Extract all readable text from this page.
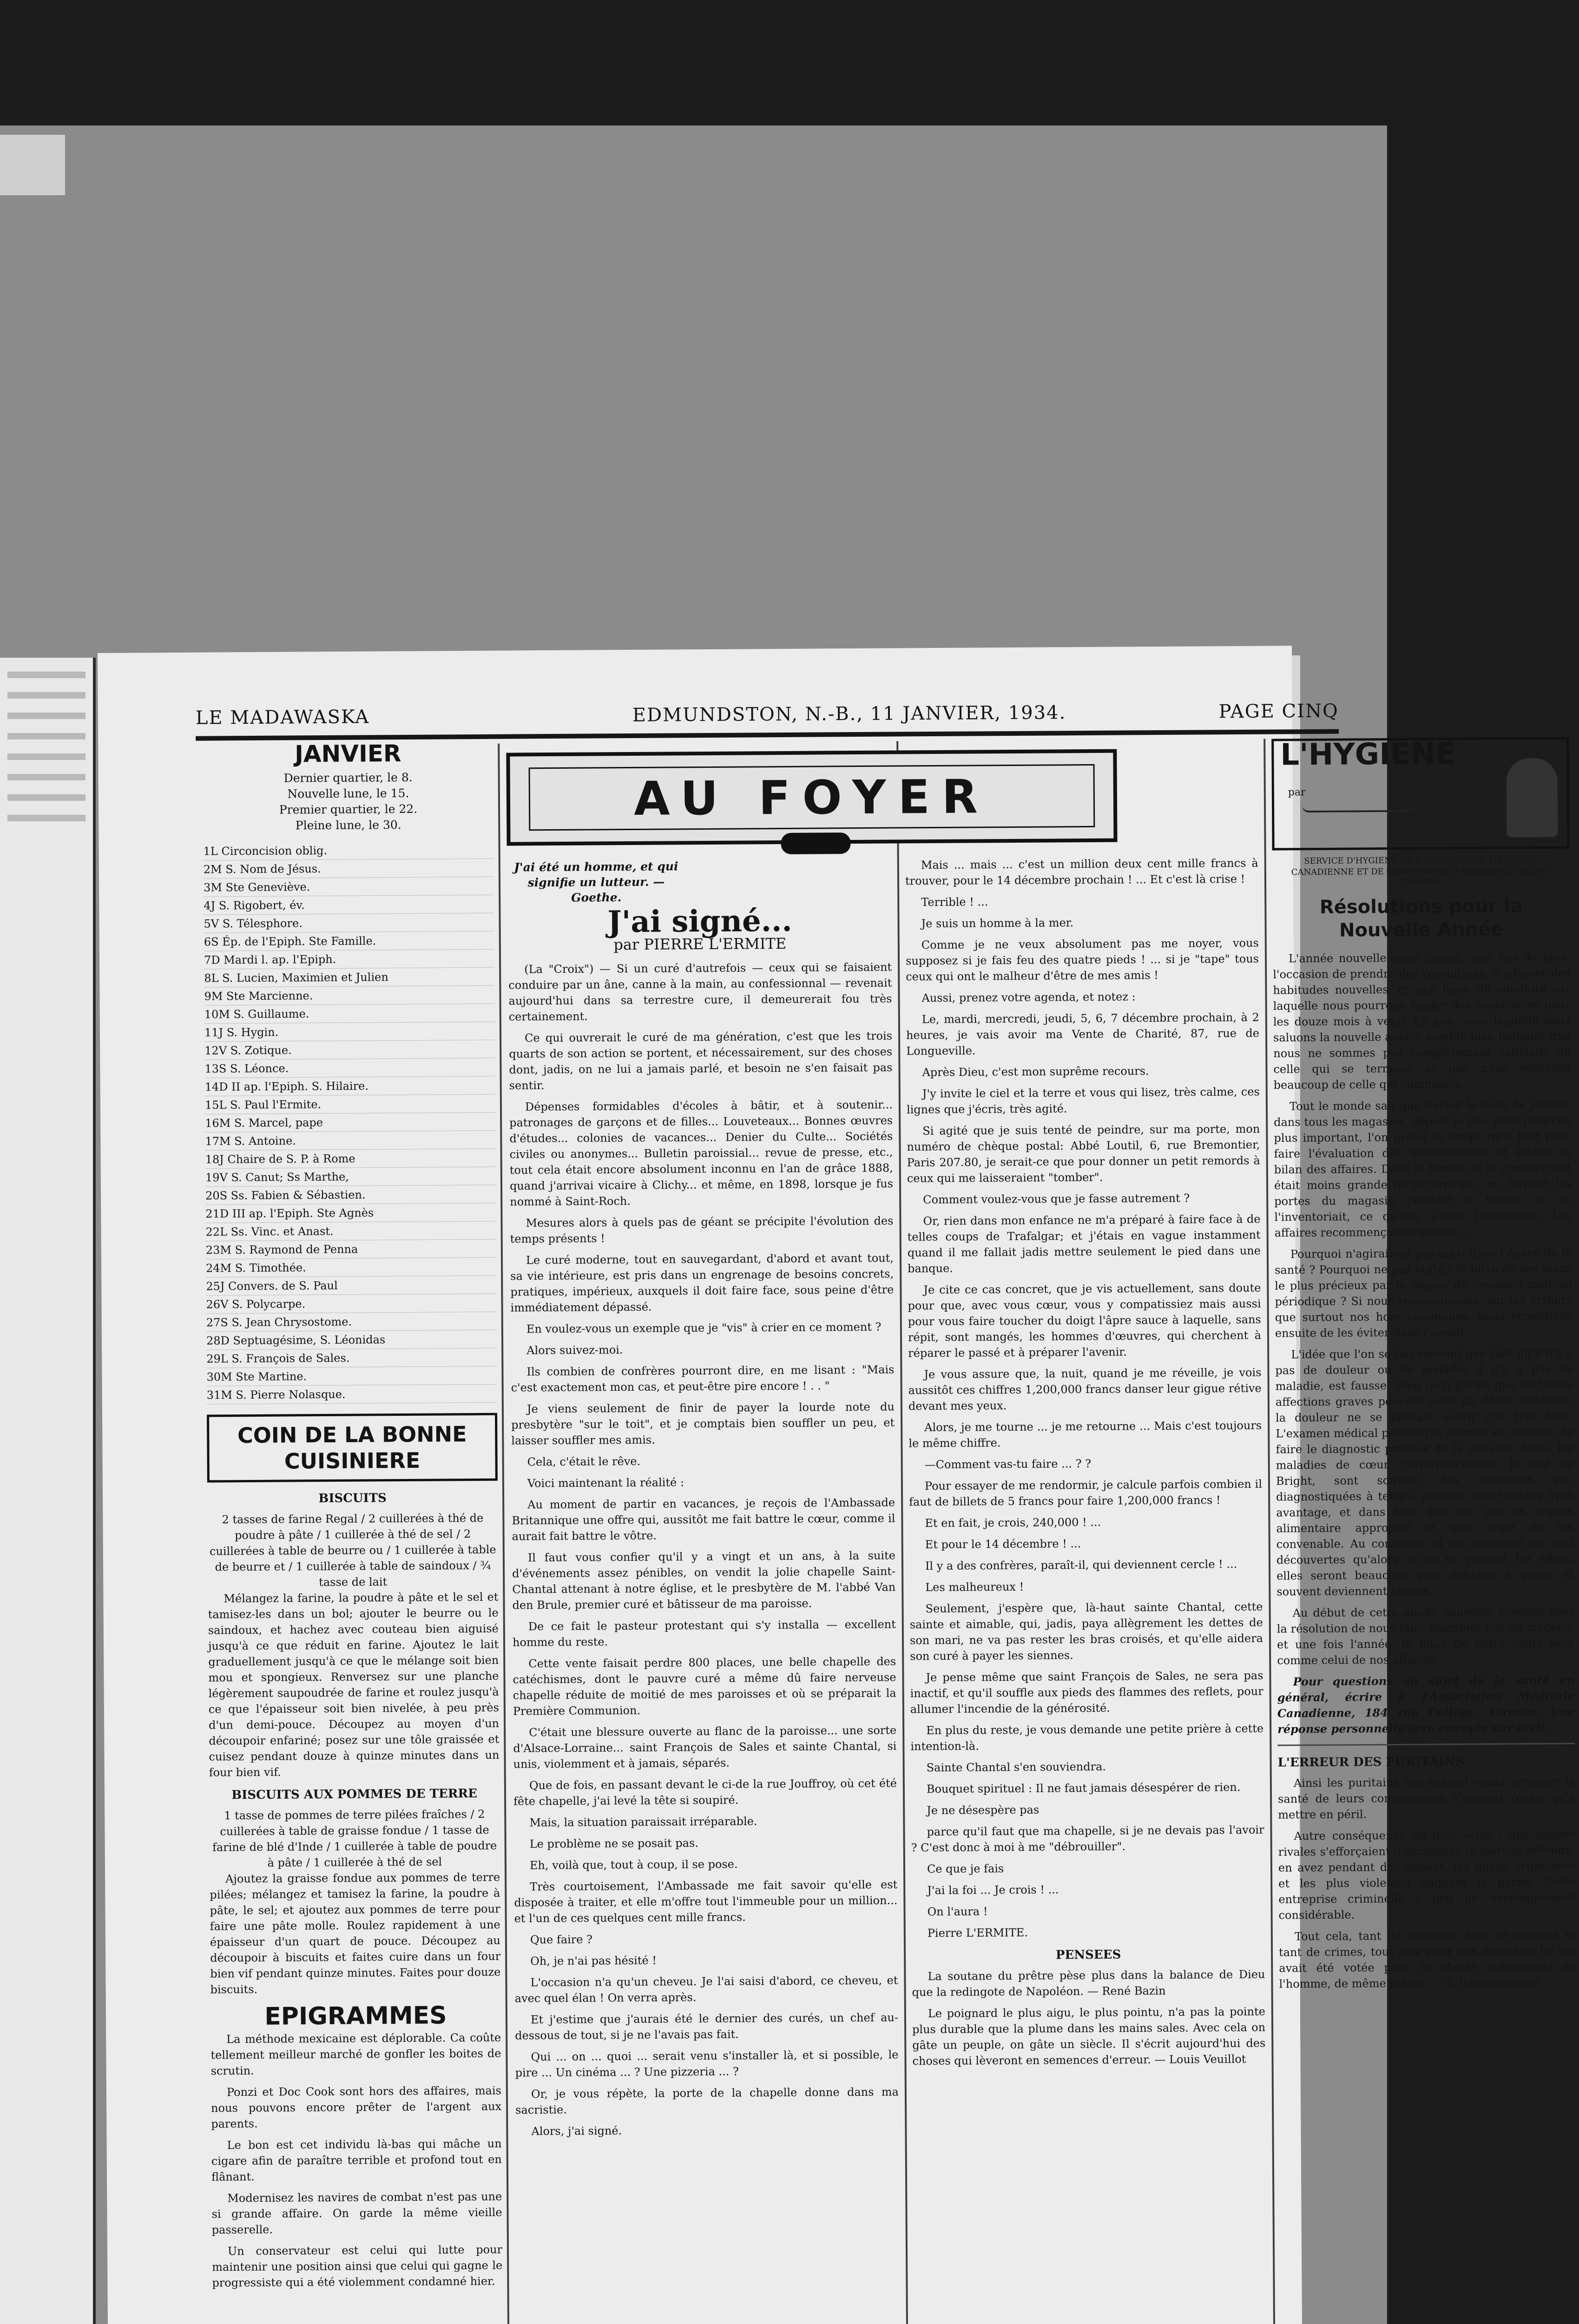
LE MADAWASKA	EDMUNDSTON, N.-B., 11 JANVIER, 1934.	PAGE CINQ
JANVIER
Dernier quartier, le 8.
Nouvelle lune, le 15.
Premier quartier, le 22.
Pleine lune, le 30.
1L Circoncision oblig.
2M S. Nom de Jésus.
3M Ste Geneviève.
4J S. Rigobert, év.
5V S. Télesphore.
6S Ép. de l'Epiph. Ste Famille.
7D Mardi l. ap. l'Epiph.
8L S. Lucien, Maximien et Julien
9M Ste Marcienne.
10M S. Guillaume.
11J S. Hygin.
12V S. Zotique.
13S S. Léonce.
14D II ap. l'Epiph. S. Hilaire.
15L S. Paul l'Ermite.
16M S. Marcel, pape
17M S. Antoine.
18J Chaire de S. P. à Rome
19V S. Canut; Ss Marthe,
20S Ss. Fabien & Sébastien.
21D III ap. l'Epiph. Ste Agnès
22L Ss. Vinc. et Anast.
23M S. Raymond de Penna
24M S. Timothée.
25J Convers. de S. Paul
26V S. Polycarpe.
27S S. Jean Chrysostome.
28D Septuagésime, S. Léonidas
29L S. François de Sales.
30M Ste Martine.
31M S. Pierre Nolasque.
COIN DE LA BONNE CUISINIERE
BISCUITS
2 tasses de farine Regal / 2 cuillerées à thé de poudre à pâte / 1 cuillerée à thé de sel / 2 cuillerées à table de beurre ou / 1 cuillerée à table de beurre et / 1 cuillerée à table de saindoux / ¾ tasse de lait

Mélangez la farine, la poudre à pâte et le sel et tamisez-les dans un bol; ajouter le beurre ou le saindoux, et hachez avec couteau bien aiguisé jusqu'à ce que réduit en farine. Ajoutez le lait graduellement jusqu'à ce que le mélange soit bien mou et spongieux. Renversez sur une planche légèrement saupoudrée de farine et roulez jusqu'à ce que l'épaisseur soit bien nivelée, à peu près d'un demi-pouce. Découpez au moyen d'un découpoir enfariné; posez sur une tôle graissée et cuisez pendant douze à quinze minutes dans un four bien vif.

BISCUITS AUX POMMES DE TERRE
1 tasse de pommes de terre pilées fraîches / 2 cuillerées à table de graisse fondue / 1 tasse de farine de blé d'Inde / 1 cuillerée à table de poudre à pâte / 1 cuillerée à thé de sel

Ajoutez la graisse fondue aux pommes de terre pilées; mélangez et tamisez la farine, la poudre à pâte, le sel; et ajoutez aux pommes de terre pour faire une pâte molle. Roulez rapidement à une épaisseur d'un quart de pouce. Découpez au découpoir à biscuits et faites cuire dans un four bien vif pendant quinze minutes. Faites pour douze biscuits.

EPIGRAMMES

La méthode mexicaine est déplorable. Ca coûte tellement meilleur marché de gonfler les boites de scrutin.

Ponzi et Doc Cook sont hors des affaires, mais nous pouvons encore prêter de l'argent aux parents.

Le bon est cet individu là-bas qui mâche un cigare afin de paraître terrible et profond tout en flânant.

Modernisez les navires de combat n'est pas une si grande affaire. On garde la même vieille passerelle.

Un conservateur est celui qui lutte pour maintenir une position ainsi que celui qui gagne le progressiste qui a été violemment condamné hier.

AU FOYER
J'ai été un homme, et qui signifie un lutteur. — Goethe.
J'ai signé...
par PIERRE L'ERMITE

(La "Croix") — Si un curé d'autrefois — ceux qui se faisaient conduire par un âne, canne à la main, au confessionnal — revenait aujourd'hui dans sa terrestre cure, il demeurerait fou très certainement.

Ce qui ouvrerait le curé de ma génération, c'est que les trois quarts de son action se portent, et nécessairement, sur des choses dont, jadis, on ne lui a jamais parlé, et besoin ne s'en faisait pas sentir.

Dépenses formidables d'écoles à bâtir, et à soutenir... patronages de garçons et de filles... Louveteaux... Bonnes œuvres d'études... colonies de vacances... Denier du Culte... Sociétés civiles ou anonymes... Bulletin paroissial... revue de presse, etc., tout cela était encore absolument inconnu en l'an de grâce 1888, quand j'arrivai vicaire à Clichy... et même, en 1898, lorsque je fus nommé à Saint-Roch.

Mesures alors à quels pas de géant se précipite l'évolution des temps présents !

Le curé moderne, tout en sauvegardant, d'abord et avant tout, sa vie intérieure, est pris dans un engrenage de besoins concrets, pratiques, impérieux, auxquels il doit faire face, sous peine d'être immédiatement dépassé.

En voulez-vous un exemple que je "vis" à crier en ce moment ?

Alors suivez-moi.

Ils combien de confrères pourront dire, en me lisant : "Mais c'est exactement mon cas, et peut-être pire encore ! . . "

Je viens seulement de finir de payer la lourde note du presbytère "sur le toit", et je comptais bien souffler un peu, et laisser souffler mes amis.

Cela, c'était le rêve.

Voici maintenant la réalité :

Au moment de partir en vacances, je reçois de l'Ambassade Britannique une offre qui, aussitôt me fait battre le cœur, comme il aurait fait battre le vôtre.

Il faut vous confier qu'il y a vingt et un ans, à la suite d'événements assez pénibles, on vendit la jolie chapelle Saint-Chantal attenant à notre église, et le presbytère de M. l'abbé Van den Brule, premier curé et bâtisseur de ma paroisse.

De ce fait le pasteur protestant qui s'y installa — excellent homme du reste.

Cette vente faisait perdre 800 places, une belle chapelle des catéchismes, dont le pauvre curé a même dû faire nerveuse chapelle réduite de moitié de mes paroisses et où se préparait la Première Communion.

C'était une blessure ouverte au flanc de la paroisse... une sorte d'Alsace-Lorraine... saint François de Sales et sainte Chantal, si unis, violemment et à jamais, séparés.

Que de fois, en passant devant le ci-de la rue Jouffroy, où cet été fête chapelle, j'ai levé la tête si soupiré.

Mais, la situation paraissait irréparable.

Le problème ne se posait pas.

Eh, voilà que, tout à coup, il se pose.

Très courtoisement, l'Ambassade me fait savoir qu'elle est disposée à traiter, et elle m'offre tout l'immeuble pour un million... et l'un de ces quelques cent mille francs.

Que faire ?

Oh, je n'ai pas hésité !

L'occasion n'a qu'un cheveu. Je l'ai saisi d'abord, ce cheveu, et avec quel élan ! On verra après.

Et j'estime que j'aurais été le dernier des curés, un chef au-dessous de tout, si je ne l'avais pas fait.

Qui ... on ... quoi ... serait venu s'installer là, et si possible, le pire ... Un cinéma ... ? Une pizzeria ... ?

Or, je vous répète, la porte de la chapelle donne dans ma sacristie.

Alors, j'ai signé.

Mais ... mais ... c'est un million deux cent mille francs à trouver, pour le 14 décembre prochain ! ... Et c'est là crise !

Terrible ! ...

Je suis un homme à la mer.

Comme je ne veux absolument pas me noyer, vous supposez si je fais feu des quatre pieds ! ... si je "tape" tous ceux qui ont le malheur d'être de mes amis !

Aussi, prenez votre agenda, et notez :

Le, mardi, mercredi, jeudi, 5, 6, 7 décembre prochain, à 2 heures, je vais avoir ma Vente de Charité, 87, rue de Longueville.

Après Dieu, c'est mon suprême recours.

J'y invite le ciel et la terre et vous qui lisez, très calme, ces lignes que j'écris, très agité.

Si agité que je suis tenté de peindre, sur ma porte, mon numéro de chèque postal: Abbé Loutil, 6, rue Bremontier, Paris 207.80, je serait-ce que pour donner un petit remords à ceux qui me laisseraient "tomber".

Comment voulez-vous que je fasse autrement ?

Or, rien dans mon enfance ne m'a préparé à faire face à de telles coups de Trafalgar; et j'étais en vague instamment quand il me fallait jadis mettre seulement le pied dans une banque.

Je cite ce cas concret, que je vis actuellement, sans doute pour que, avec vous cœur, vous y compatissiez mais aussi pour vous faire toucher du doigt l'âpre sauce à laquelle, sans répit, sont mangés, les hommes d'œuvres, qui cherchent à réparer le passé et à préparer l'avenir.

Je vous assure que, la nuit, quand je me réveille, je vois aussitôt ces chiffres 1,200,000 francs danser leur gigue rétive devant mes yeux.

Alors, je me tourne ... je me retourne ... Mais c'est toujours le même chiffre.

—Comment vas-tu faire ... ? ?

Pour essayer de me rendormir, je calcule parfois combien il faut de billets de 5 francs pour faire 1,200,000 francs !

Et en fait, je crois, 240,000 ! ...

Et pour le 14 décembre ! ...

Il y a des confrères, paraît-il, qui deviennent cercle ! ...

Les malheureux !

Seulement, j'espère que, là-haut sainte Chantal, cette sainte et aimable, qui, jadis, paya allègrement les dettes de son mari, ne va pas rester les bras croisés, et qu'elle aidera son curé à payer les siennes.

Je pense même que saint François de Sales, ne sera pas inactif, et qu'il souffle aux pieds des flammes des reflets, pour allumer l'incendie de la générosité.

En plus du reste, je vous demande une petite prière à cette intention-là.

Sainte Chantal s'en souviendra.

Bouquet spirituel : Il ne faut jamais désespérer de rien.

Je ne désespère pas

parce qu'il faut que ma chapelle, si je ne devais pas l'avoir ? C'est donc à moi à me "débrouiller".

Ce que je fais

J'ai la foi ... Je crois ! ...

On l'aura !

Pierre L'ERMITE.

PENSEES

La soutane du prêtre pèse plus dans la balance de Dieu que la redingote de Napoléon. — René Bazin

Le poignard le plus aigu, le plus pointu, n'a pas la pointe plus durable que la plume dans les mains sales. Avec cela on gâte un peuple, on gâte un siècle. Il s'écrit aujourd'hui des choses qui lèveront en semences d'erreur. — Louis Veuillot

L'HYGIENE
par
SERVICE D'HYGIENE DE L'ASSOCIATION MEDICALE CANADIENNE ET DE COMPAGNIES D'ASSURANCE-VIE DU CANADA
Résolutions pour la Nouvelle Année

L'année nouvelle nous fournit, une fois de plus, l'occasion de prendre des résolutions, d'adopter des habitudes nouvelles, et une ligne de conduite sur laquelle nous pourrons fonder des espérances pour les douze mois à venir. La joie, avec laquelle nous saluons la nouvelle année, semble bien indiquer que nous ne sommes pas complètement satisfaits de celle qui se termine, et que nous espérons beaucoup de celle qui commence.

Tout le monde sait que durant le mois de janvier, dans tous les magasins, depuis le plus petit jusqu'au plus important, l'on prend le temps qu'il faut pour faire l'évaluation des marchandises et établir le bilan des affaires. Dans le temps où le commerçant était moins grande qu'aujourd'hui, on fermait les portes du magasin pendant le temps, et on l'inventoriait, ce qu'elle s'était l'inventaire. Les affaires recommençaient ensuite ...

Pourquoi n'agirait-on pas ainsi dans l'égard de la santé ? Pourquoi ne pas établir le bilan de ses biens le plus précieux par le moyen de l'examen médical périodique ? Si nous reconnaissons, sur les erreurs que surtout nos hors communes, nous remettions ensuite de les éviter dans l'avenir.

L'idée que l'on se fait souvent que tant qu'il n'y a pas de douleur ou de maladie il n'y a pas de maladie, est fausse. Bien qu'il paraît que certaines affections graves peuvent avoir un début insidieux, la douleur ne se laissant sentir que très tard. L'examen médical périodique permet au médecin de faire le diagnostic précoce de la maladie. Ainsi, les maladies de cœur, l'artério-sclérose, le mal de Bright, sont souvent des affections qui, diagnostiquées à temps, peuvent être traitées avec avantage, et dans bien des cas, par un régime alimentaire approprié et une règle de vie convenable. Au contraire, si ces maladies ne sont découvertes qu'alors qu'on en ressent les effets, elles seront beaucoup plus difficiles à guérir et souvent deviennent fatales.

Au début de cette année nouvelle, prenons tous la résolution de nous faire examiner par un médecin et une fois l'année, le bilan de notre santé sera comme celui de nos affaires.

Pour questions au sujet de la santé en général, écrire à l'Association Médicale Canadienne, 184 rue College, Toronto. Une réponse personnelle sera envoyée sur écrit.

L'ERREUR DES PURITAINS

Ainsi les puritains qui avaient voulu protéger la santé de leurs compatriotes n'avaient réussi qu'à mettre en péril.

Autre conséquence de leur vertu : des bandes rivales s'efforçaient d'accaparer le marché défendu, en avez pendant des années, les mieux organisées et les plus violentes gagnant la partie. Cette entreprise criminelle a pris un développement considérable.

Tout cela, tant de malaises, tant de misères et tant de crimes, tout cela pour une mauvaise loi qui avait été votée pour la liberté individuelle de l'homme, de même plaisir ... "L'Intransigeant".
